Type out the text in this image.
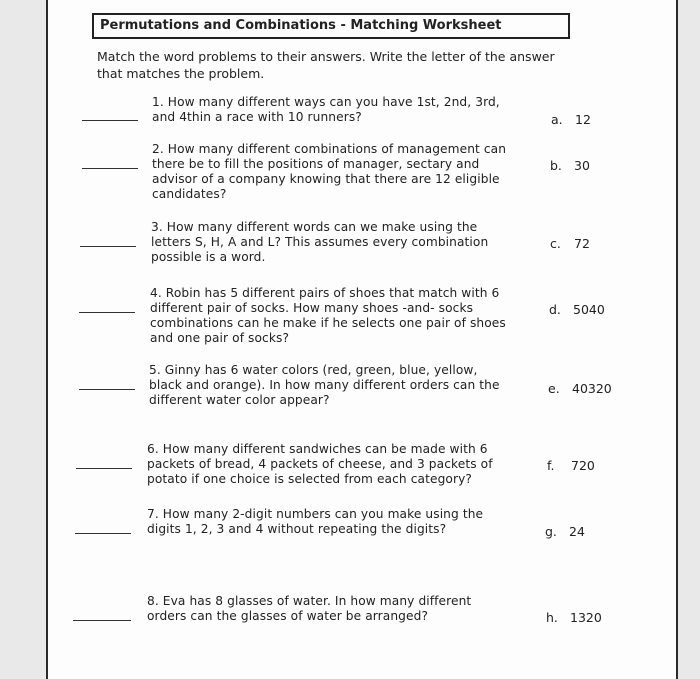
Permutations and Combinations - Matching Worksheet
Match the word problems to their answers. Write the letter of the answer
that matches the problem.
1. How many different ways can you have 1st, 2nd, 3rd,
and 4thin a race with 10 runners?	a. 12
2. How many different combinations of management can
there be to fill the positions of manager, sectary and
advisor of a company knowing that there are 12 eligible
candidates?
b. 30
3. How many different words can we make using the
letters S, H, A and L? This assumes every combination
possible is a word.
c. 72
4. Robin has 5 different pairs of shoes that match with 6
different pair of socks. How many shoes -and- socks
combinations can he make if he selects one pair of shoes
and one pair of socks?
d. 5040
5. Ginny has 6 water colors (red, green, blue, yellow,
black and orange). In how many different orders can the
different water color appear?
e. 40320
6. How many different sandwiches can be made with 6
packets of bread, 4 packets of cheese, and 3 packets of
potato if one choice is selected from each category?
f. 720
7. How many 2-digit numbers can you make using the
digits 1, 2, 3 and 4 without repeating the digits?	g. 24
8. Eva has 8 glasses of water. In how many different
orders can the glasses of water be arranged?	h. 1320
